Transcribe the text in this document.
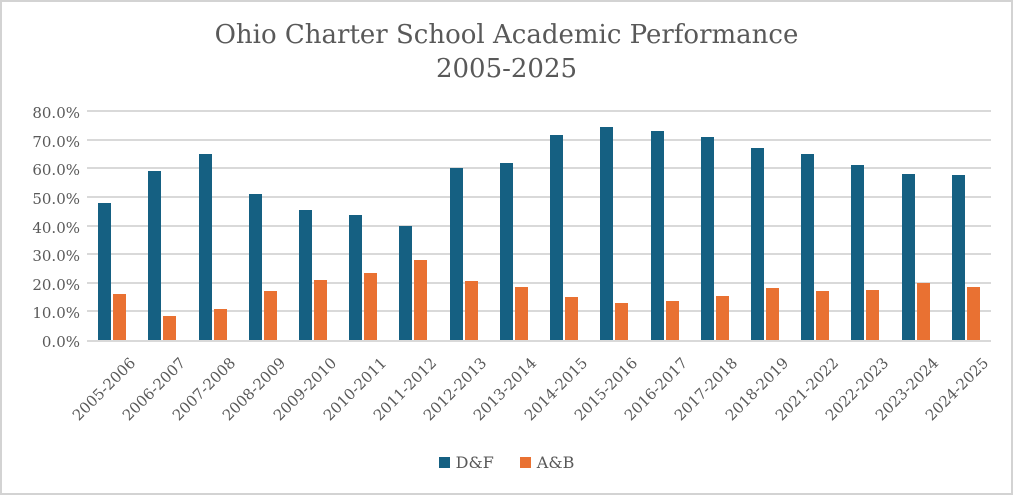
Ohio Charter School Academic Performance
2005-2025
0.0%
10.0%
20.0%
30.0%
40.0%
50.0%
60.0%
70.0%
80.0%
2005-2006
2006-2007
2007-2008
2008-2009
2009-2010
2010-2011
2011-2012
2012-2013
2013-2014
2014-2015
2015-2016
2016-2017
2017-2018
2018-2019
2021-2022
2022-2023
2023-2024
2024-2025
D&F	A&B
